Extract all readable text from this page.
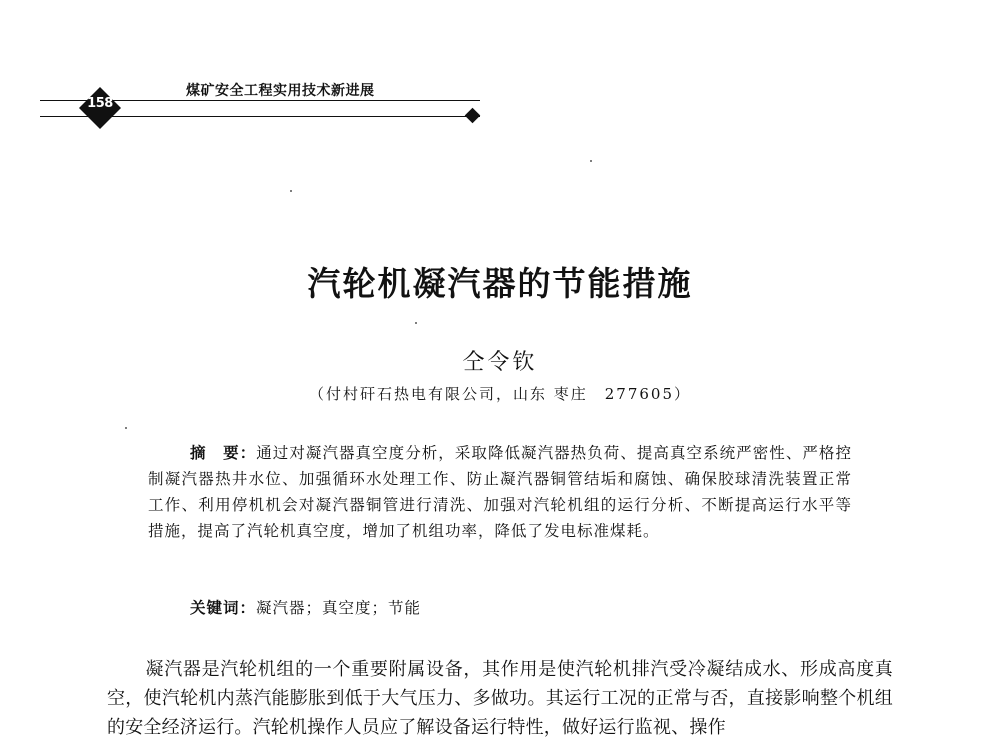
158
煤矿安全工程实用技术新进展
汽轮机凝汽器的节能措施
仝令钦
（付村矸石热电有限公司，山东 枣庄　277605）
摘　要：通过对凝汽器真空度分析，采取降低凝汽器热负荷、提高真空系统严密性、严格控制凝汽器热井水位、加强循环水处理工作、防止凝汽器铜管结垢和腐蚀、确保胶球清洗装置正常工作、利用停机机会对凝汽器铜管进行清洗、加强对汽轮机组的运行分析、不断提高运行水平等措施，提高了汽轮机真空度，增加了机组功率，降低了发电标准煤耗。
关键词：凝汽器；真空度；节能
凝汽器是汽轮机组的一个重要附属设备，其作用是使汽轮机排汽受冷凝结成水、形成高度真空，使汽轮机内蒸汽能膨胀到低于大气压力、多做功。其运行工况的正常与否，直接影响整个机组的安全经济运行。汽轮机操作人员应了解设备运行特性，做好运行监视、操作
